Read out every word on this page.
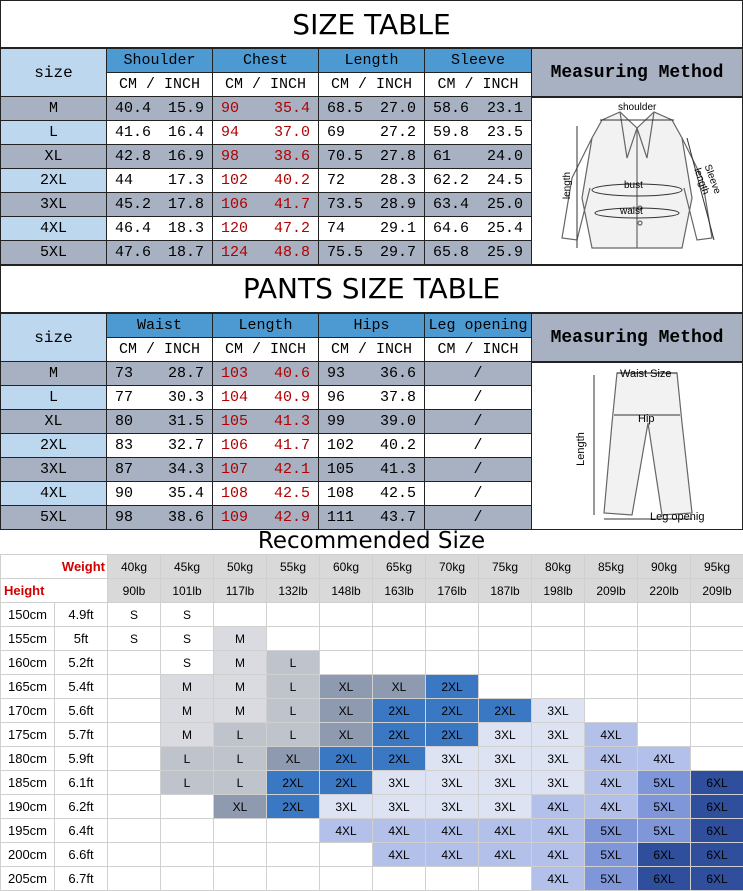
SIZE TABLE
size	Shoulder	Chest	Length	Sleeve
	CM / INCH	CM / INCH	CM / INCH	CM / INCH
M	40.4 15.9	90 35.4	68.5 27.0	58.6 23.1

L	41.6 16.4	94 37.0	69 27.2	59.8 23.5

XL	42.8 16.9	98 38.6	70.5 27.8	61 24.0

2XL	44 17.3	102 40.2	72 28.3	62.2 24.5

3XL	45.2 17.8	106 41.7	73.5 28.9	63.4 25.0

4XL	46.4 18.3	120 47.2	74 29.1	64.6 25.4

5XL	47.6 18.7	124 48.8	75.5 29.7	65.8 25.9
Measuring Method
shoulder
bust
waist
length	Sleeve length
PANTS SIZE TABLE
size	Waist	Length	Hips	Leg opening
	CM / INCH	CM / INCH	CM / INCH	CM / INCH
M	73 28.7	103 40.6	93 36.6	/

L	77 30.3	104 40.9	96 37.8	/

XL	80 31.5	105 41.3	99 39.0	/

2XL	83 32.7	106 41.7	102 40.2	/

3XL	87 34.3	107 42.1	105 41.3	/

4XL	90 35.4	108 42.5	108 42.5	/

5XL	98 38.6	109 42.9	111 43.7	/
Measuring Method
Waist Size
Hip
Length
Leg openig
Recommended Size
Weight		40kg	45kg	50kg	55kg	60kg	65kg	70kg	75kg	80kg	85kg	90kg	95kg
Height		90lb	101lb	117lb	132lb	148lb	163lb	176lb	187lb	198lb	209lb	220lb	209lb
150cm	4.9ft	S	S										
155cm	5ft	S	S	M									
160cm	5.2ft		S	M	L								
165cm	5.4ft		M	M	L	XL	XL	2XL					
170cm	5.6ft		M	M	L	XL	2XL	2XL	2XL	3XL			
175cm	5.7ft		M	L	L	XL	2XL	2XL	3XL	3XL	4XL		
180cm	5.9ft		L	L	XL	2XL	2XL	3XL	3XL	3XL	4XL	4XL	
185cm	6.1ft		L	L	2XL	2XL	3XL	3XL	3XL	3XL	4XL	5XL	6XL
190cm	6.2ft			XL	2XL	3XL	3XL	3XL	3XL	4XL	4XL	5XL	6XL
195cm	6.4ft					4XL	4XL	4XL	4XL	4XL	5XL	5XL	6XL
200cm	6.6ft						4XL	4XL	4XL	4XL	5XL	6XL	6XL
205cm	6.7ft									4XL	5XL	6XL	6XL
